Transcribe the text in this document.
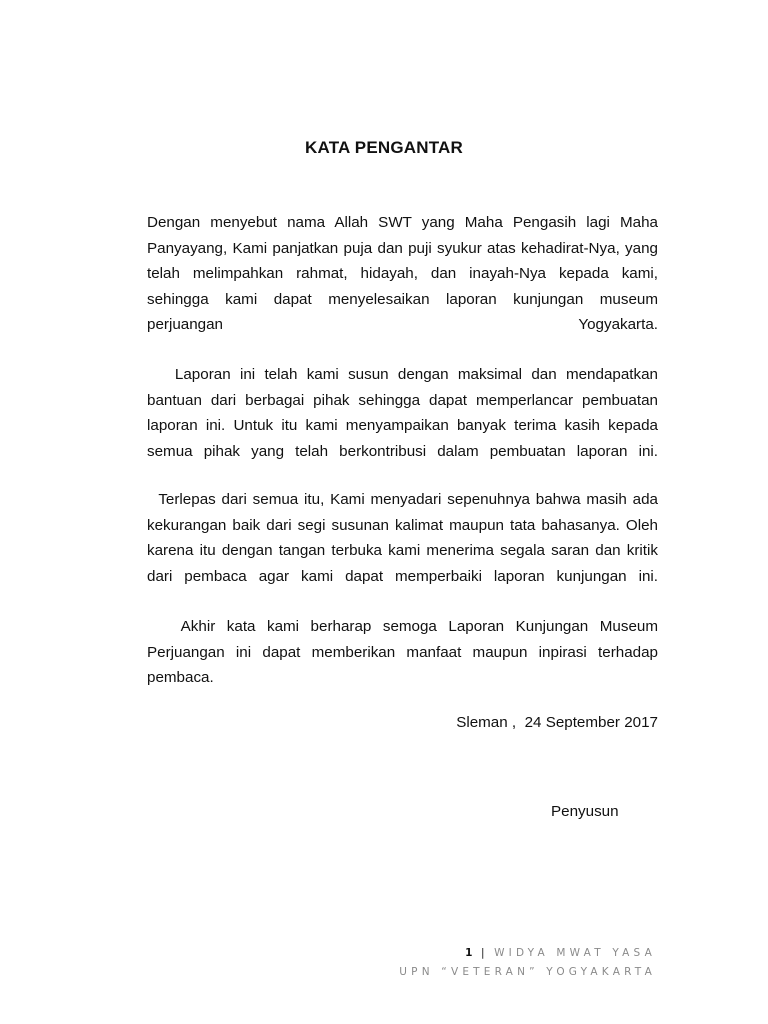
KATA PENGANTAR
Dengan menyebut nama Allah SWT yang Maha Pengasih lagi Maha
Panyayang, Kami panjatkan puja dan puji syukur atas kehadirat-Nya, yang
telah melimpahkan rahmat, hidayah, dan inayah-Nya kepada kami,
sehingga kami dapat menyelesaikan laporan kunjungan museum
perjuangan                                              Yogyakarta.
Laporan ini telah kami susun dengan maksimal dan mendapatkan
bantuan dari berbagai pihak sehingga dapat memperlancar pembuatan
laporan ini. Untuk itu kami menyampaikan banyak terima kasih kepada
semua pihak yang telah berkontribusi dalam pembuatan laporan ini.
Terlepas dari semua itu, Kami menyadari sepenuhnya bahwa masih ada
kekurangan baik dari segi susunan kalimat maupun tata bahasanya. Oleh
karena itu dengan tangan terbuka kami menerima segala saran dan kritik
dari pembaca agar kami dapat memperbaiki laporan kunjungan ini.
Akhir kata kami berharap semoga Laporan Kunjungan Museum
Perjuangan ini dapat memberikan manfaat maupun inpirasi terhadap
pembaca.
Sleman ,  24 September 2017
Penyusun
1 | WIDYA MWAT YASA
UPN “VETERAN” YOGYAKARTA
